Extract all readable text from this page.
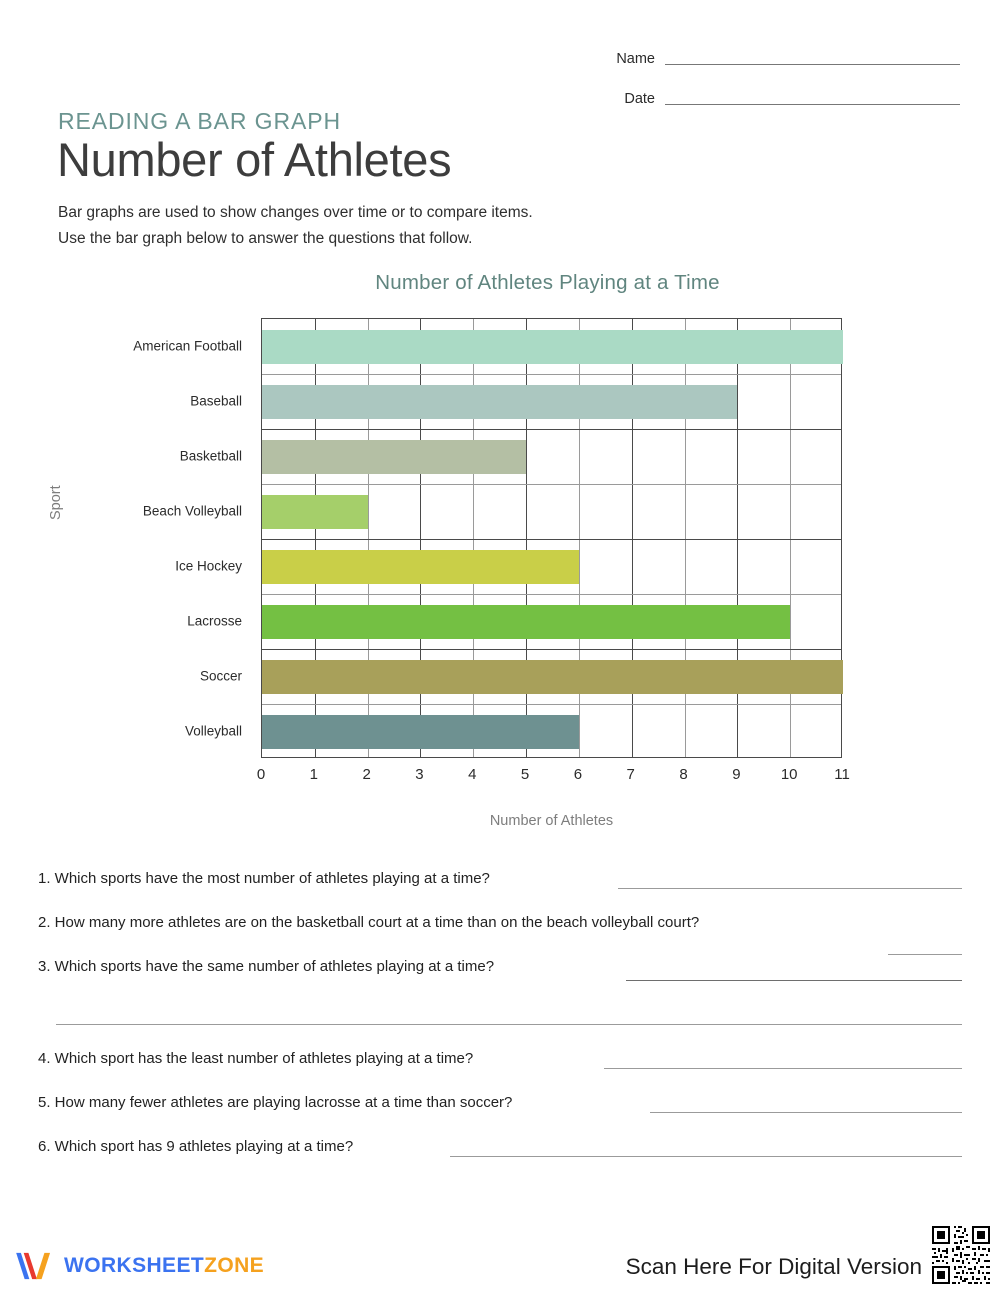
Name
Date
READING A BAR GRAPH
Number of Athletes
Bar graphs are used to show changes over time or to compare items.
Use the bar graph below to answer the questions that follow.
Number of Athletes Playing at a Time
American Football
Baseball
Basketball
Beach Volleyball
Ice Hockey
Lacrosse
Soccer
Volleyball
0	1	2	3	4	5	6	7	8	9	10 11
Number of Athletes
Sport
1. Which sports have the most number of athletes playing at a time?
2. How many more athletes are on the basketball court at a time than on the beach volleyball court?
3. Which sports have the same number of athletes playing at a time?
4. Which sport has the least number of athletes playing at a time?
5. How many fewer athletes are playing lacrosse at a time than soccer?
6. Which sport has 9 athletes playing at a time?
WORKSHEETZONE	Scan Here For Digital Version
